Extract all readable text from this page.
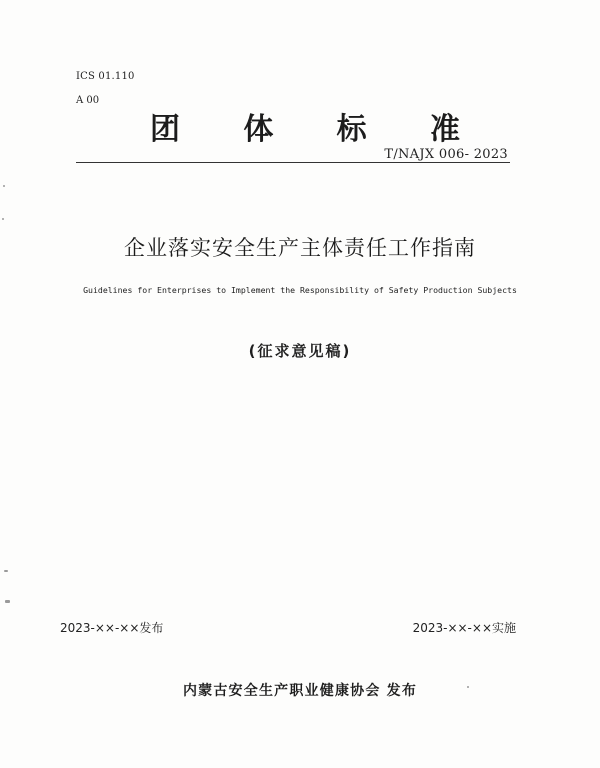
ICS 01.110
A 00
团 体 标 准
T/NAJX 006- 2023
企业落实安全生产主体责任工作指南
Guidelines for Enterprises to Implement the Responsibility of Safety Production Subjects
(征求意见稿)
2023-××-××发布	2023-××-××实施
内蒙古安全生产职业健康协会 发布
